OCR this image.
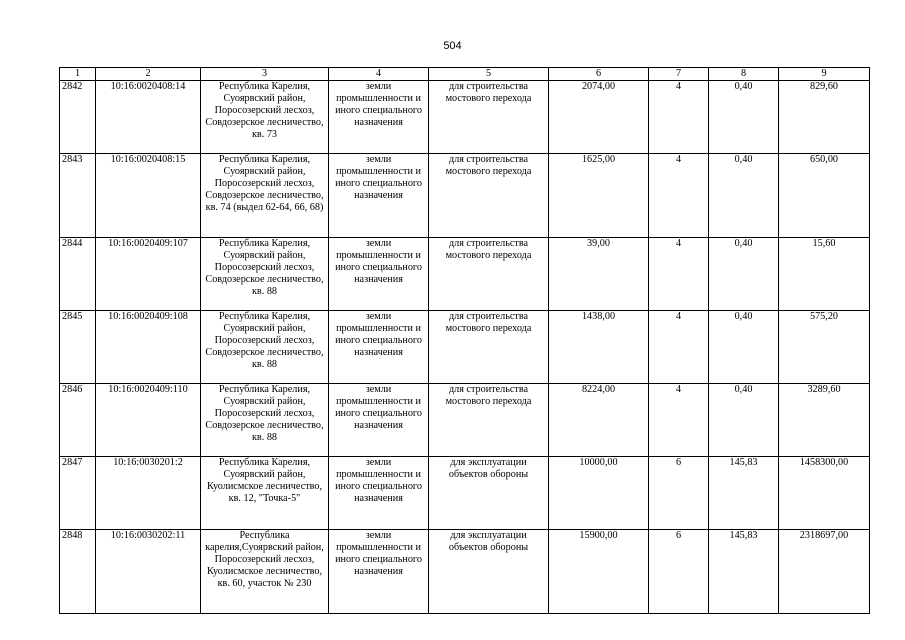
504
1	2	3	4	5	6	7	8	9
2842	10:16:0020408:14	Республика Карелия, Суоярвский район, Поросозерский лесхоз, Совдозерское лесничество, кв. 73	земли промышленности и иного специального назначения	для строительства мостового перехода	2074,00	4	0,40	829,60
2843	10:16:0020408:15	Республика Карелия, Суоярвский район, Поросозерский лесхоз, Совдозерское лесничество, кв. 74 (выдел 62-64, 66, 68)	земли промышленности и иного специального назначения	для строительства мостового перехода	1625,00	4	0,40	650,00
2844	10:16:0020409:107	Республика Карелия, Суоярвский район, Поросозерский лесхоз, Совдозерское лесничество, кв. 88	земли промышленности и иного специального назначения	для строительства мостового перехода	39,00	4	0,40	15,60
2845	10:16:0020409:108	Республика Карелия, Суоярвский район, Поросозерский лесхоз, Совдозерское лесничество, кв. 88	земли промышленности и иного специального назначения	для строительства мостового перехода	1438,00	4	0,40	575,20
2846	10:16:0020409:110	Республика Карелия, Суоярвский район, Поросозерский лесхоз, Совдозерское лесничество, кв. 88	земли промышленности и иного специального назначения	для строительства мостового перехода	8224,00	4	0,40	3289,60
2847	10:16:0030201:2	Республика Карелия, Суоярвский район, Куолисмское лесничество, кв. 12, "Точка-5"	земли промышленности и иного специального назначения	для эксплуатации объектов обороны	10000,00	6	145,83	1458300,00
2848	10:16:0030202:11	Республика карелия,Суоярвский район, Поросозерский лесхоз, Куолисмское лесничество, кв. 60, участок № 230	земли промышленности и иного специального назначения	для эксплуатации объектов обороны	15900,00	6	145,83	2318697,00
